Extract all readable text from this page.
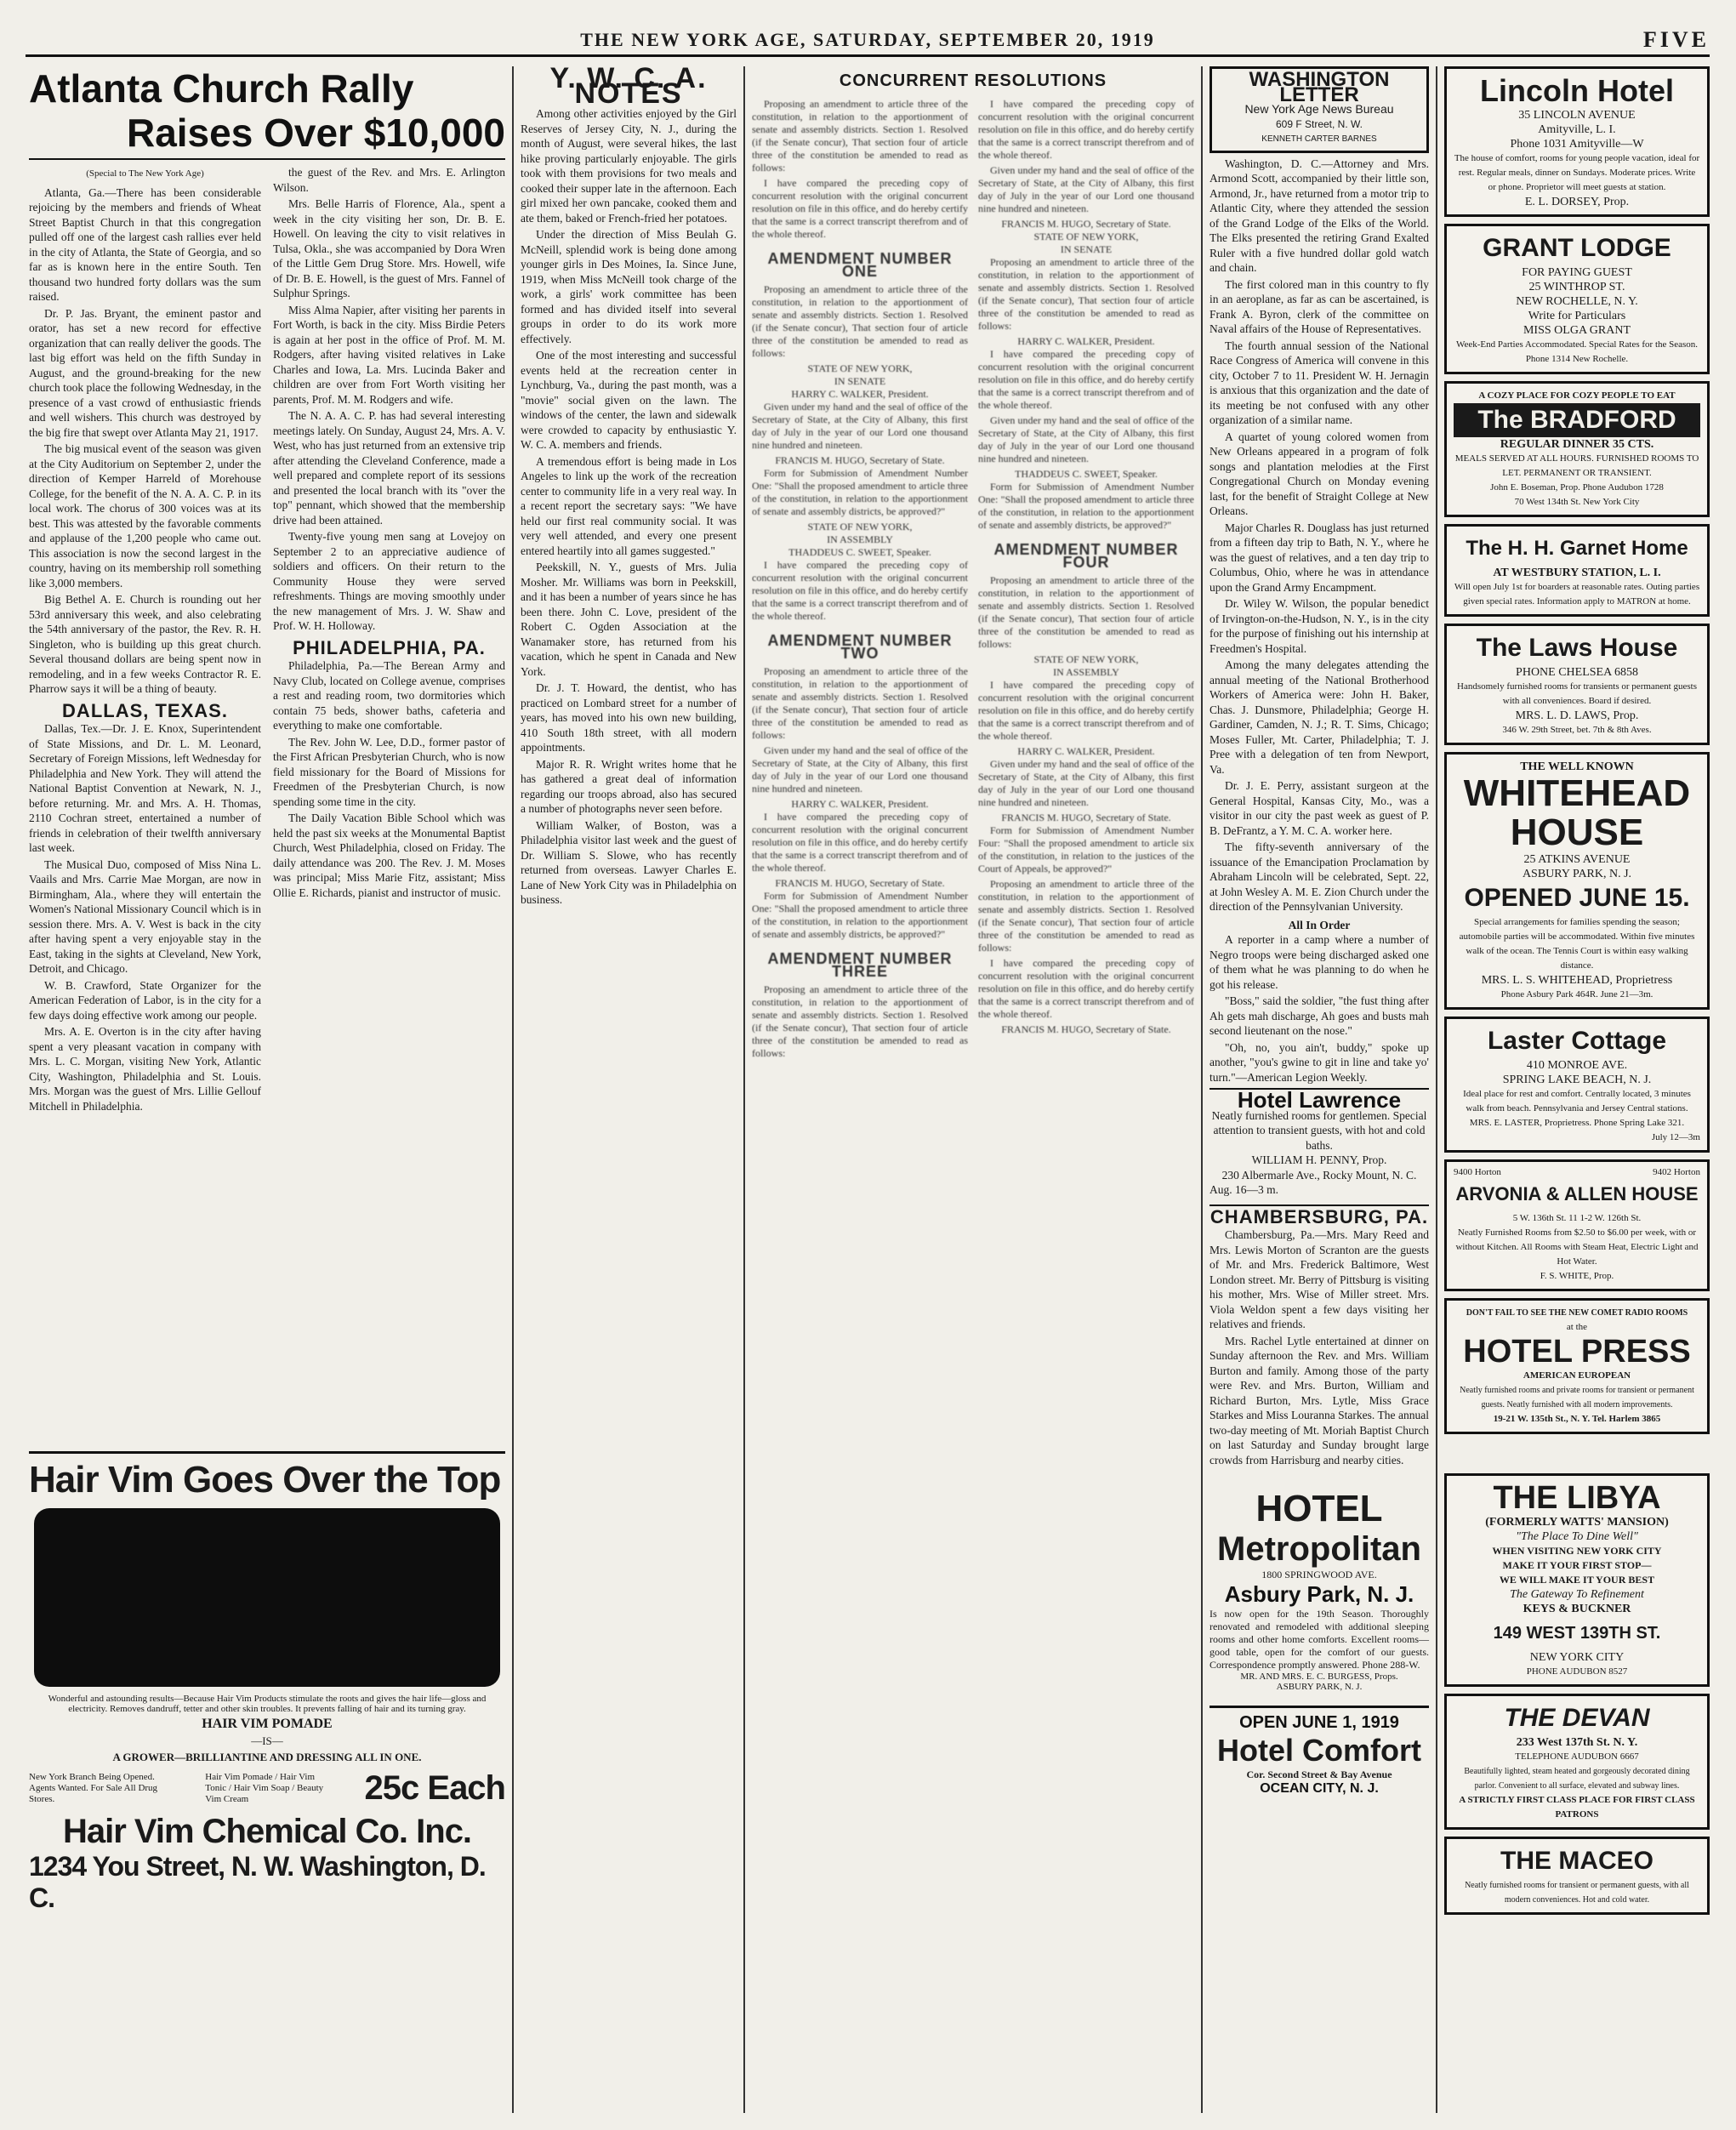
THE NEW YORK AGE, SATURDAY, SEPTEMBER 20, 1919	FIVE
Atlanta Church Rally
Raises Over $10,000
(Special to The New York Age)

Atlanta, Ga.—There has been considerable rejoicing by the members and friends of Wheat Street Baptist Church in that this congregation pulled off one of the largest cash rallies ever held in the city of Atlanta, the State of Georgia, and so far as is known here in the entire South. Ten thousand two hundred forty dollars was the sum raised.

Dr. P. Jas. Bryant, the eminent pastor and orator, has set a new record for effective organization that can really deliver the goods. The last big effort was held on the fifth Sunday in August, and the ground-breaking for the new church took place the following Wednesday, in the presence of a vast crowd of enthusiastic friends and well wishers. This church was destroyed by the big fire that swept over Atlanta May 21, 1917.

The big musical event of the season was given at the City Auditorium on September 2, under the direction of Kemper Harreld of Morehouse College, for the benefit of the N. A. A. C. P. in its local work. The chorus of 300 voices was at its best. This was attested by the favorable comments and applause of the 1,200 people who came out. This association is now the second largest in the country, having on its membership roll something like 3,000 members.

Big Bethel A. E. Church is rounding out her 53rd anniversary this week, and also celebrating the 54th anniversary of the pastor, the Rev. R. H. Singleton, who is building up this great church. Several thousand dollars are being spent now in remodeling, and in a few weeks Contractor R. E. Pharrow says it will be a thing of beauty.

DALLAS, TEXAS.

Dallas, Tex.—Dr. J. E. Knox, Superintendent of State Missions, and Dr. L. M. Leonard, Secretary of Foreign Missions, left Wednesday for Philadelphia and New York. They will attend the National Baptist Convention at Newark, N. J., before returning. Mr. and Mrs. A. H. Thomas, 2110 Cochran street, entertained a number of friends in celebration of their twelfth anniversary last week.

The Musical Duo, composed of Miss Nina L. Vaails and Mrs. Carrie Mae Morgan, are now in Birmingham, Ala., where they will entertain the Women's National Missionary Council which is in session there. Mrs. A. V. West is back in the city after having spent a very enjoyable stay in the East, taking in the sights at Cleveland, New York, Detroit, and Chicago.

W. B. Crawford, State Organizer for the American Federation of Labor, is in the city for a few days doing effective work among our people.

Mrs. A. E. Overton is in the city after having spent a very pleasant vacation in company with Mrs. L. C. Morgan, visiting New York, Atlantic City, Washington, Philadelphia and St. Louis. Mrs. Morgan was the guest of Mrs. Lillie Gellouf Mitchell in Philadelphia.

the guest of the Rev. and Mrs. E. Arlington Wilson.

Mrs. Belle Harris of Florence, Ala., spent a week in the city visiting her son, Dr. B. E. Howell. On leaving the city to visit relatives in Tulsa, Okla., she was accompanied by Dora Wren of the Little Gem Drug Store. Mrs. Howell, wife of Dr. B. E. Howell, is the guest of Mrs. Fannel of Sulphur Springs.

Miss Alma Napier, after visiting her parents in Fort Worth, is back in the city. Miss Birdie Peters is again at her post in the office of Prof. M. M. Rodgers, after having visited relatives in Lake Charles and Iowa, La. Mrs. Lucinda Baker and children are over from Fort Worth visiting her parents, Prof. M. M. Rodgers and wife.

The N. A. A. C. P. has had several interesting meetings lately. On Sunday, August 24, Mrs. A. V. West, who has just returned from an extensive trip after attending the Cleveland Conference, made a well prepared and complete report of its sessions and presented the local branch with its "over the top" pennant, which showed that the membership drive had been attained.

Twenty-five young men sang at Lovejoy on September 2 to an appreciative audience of soldiers and officers. On their return to the Community House they were served refreshments. Things are moving smoothly under the new management of Mrs. J. W. Shaw and Prof. W. H. Holloway.

PHILADELPHIA, PA.

Philadelphia, Pa.—The Berean Army and Navy Club, located on College avenue, comprises a rest and reading room, two dormitories which contain 75 beds, shower baths, cafeteria and everything to make one comfortable.

The Rev. John W. Lee, D.D., former pastor of the First African Presbyterian Church, who is now field missionary for the Board of Missions for Freedmen of the Presbyterian Church, is now spending some time in the city.

The Daily Vacation Bible School which was held the past six weeks at the Monumental Baptist Church, West Philadelphia, closed on Friday. The daily attendance was 200. The Rev. J. M. Moses was principal; Miss Marie Fitz, assistant; Miss Ollie E. Richards, pianist and instructor of music.

Hair Vim Goes Over the Top
Wonderful and astounding results—Because Hair Vim Products stimulate the roots and gives the hair life—gloss and electricity. Removes dandruff, tetter and other skin troubles. It prevents falling of hair and its turning gray.
HAIR VIM POMADE
—IS—
A GROWER—BRILLIANTINE AND DRESSING ALL IN ONE.
New York Branch Being Opened. Agents Wanted. For Sale All Drug Stores.
Hair Vim Pomade / Hair Vim Tonic / Hair Vim Soap / Beauty Vim Cream	25c Each
Hair Vim Chemical Co. Inc.
1234 You Street, N. W. Washington, D. C.
Y. W. C. A. NOTES

Among other activities enjoyed by the Girl Reserves of Jersey City, N. J., during the month of August, were several hikes, the last hike proving particularly enjoyable. The girls took with them provisions for two meals and cooked their supper late in the afternoon. Each girl mixed her own pancake, cooked them and ate them, baked or French-fried her potatoes.

Under the direction of Miss Beulah G. McNeill, splendid work is being done among younger girls in Des Moines, Ia. Since June, 1919, when Miss McNeill took charge of the work, a girls' work committee has been formed and has divided itself into several groups in order to do its work more effectively.

One of the most interesting and successful events held at the recreation center in Lynchburg, Va., during the past month, was a "movie" social given on the lawn. The windows of the center, the lawn and sidewalk were crowded to capacity by enthusiastic Y. W. C. A. members and friends.

A tremendous effort is being made in Los Angeles to link up the work of the recreation center to community life in a very real way. In a recent report the secretary says: "We have held our first real community social. It was very well attended, and every one present entered heartily into all games suggested."

Peekskill, N. Y., guests of Mrs. Julia Mosher. Mr. Williams was born in Peekskill, and it has been a number of years since he has been there. John C. Love, president of the Robert C. Ogden Association at the Wanamaker store, has returned from his vacation, which he spent in Canada and New York.

Dr. J. T. Howard, the dentist, who has practiced on Lombard street for a number of years, has moved into his own new building, 410 South 18th street, with all modern appointments.

Major R. R. Wright writes home that he has gathered a great deal of information regarding our troops abroad, also has secured a number of photographs never seen before.

William Walker, of Boston, was a Philadelphia visitor last week and the guest of Dr. William S. Slowe, who has recently returned from overseas. Lawyer Charles E. Lane of New York City was in Philadelphia on business.

CONCURRENT RESOLUTIONS

Proposing an amendment to article three of the constitution, in relation to the apportionment of senate and assembly districts. Section 1. Resolved (if the Senate concur), That section four of article three of the constitution be amended to read as follows:

I have compared the preceding copy of concurrent resolution with the original concurrent resolution on file in this office, and do hereby certify that the same is a correct transcript therefrom and of the whole thereof.

AMENDMENT NUMBER ONE

Proposing an amendment to article three of the constitution, in relation to the apportionment of senate and assembly districts. Section 1. Resolved (if the Senate concur), That section four of article three of the constitution be amended to read as follows:

STATE OF NEW YORK,
IN SENATE
HARRY C. WALKER, President.

Given under my hand and the seal of office of the Secretary of State, at the City of Albany, this first day of July in the year of our Lord one thousand nine hundred and nineteen.

FRANCIS M. HUGO, Secretary of State.

Form for Submission of Amendment Number One: "Shall the proposed amendment to article three of the constitution, in relation to the apportionment of senate and assembly districts, be approved?"

STATE OF NEW YORK,
IN ASSEMBLY
THADDEUS C. SWEET, Speaker.

I have compared the preceding copy of concurrent resolution with the original concurrent resolution on file in this office, and do hereby certify that the same is a correct transcript therefrom and of the whole thereof.

AMENDMENT NUMBER TWO

Proposing an amendment to article three of the constitution, in relation to the apportionment of senate and assembly districts. Section 1. Resolved (if the Senate concur), That section four of article three of the constitution be amended to read as follows:

Given under my hand and the seal of office of the Secretary of State, at the City of Albany, this first day of July in the year of our Lord one thousand nine hundred and nineteen.

HARRY C. WALKER, President.

I have compared the preceding copy of concurrent resolution with the original concurrent resolution on file in this office, and do hereby certify that the same is a correct transcript therefrom and of the whole thereof.

FRANCIS M. HUGO, Secretary of State.

Form for Submission of Amendment Number One: "Shall the proposed amendment to article three of the constitution, in relation to the apportionment of senate and assembly districts, be approved?"

AMENDMENT NUMBER THREE

Proposing an amendment to article three of the constitution, in relation to the apportionment of senate and assembly districts. Section 1. Resolved (if the Senate concur), That section four of article three of the constitution be amended to read as follows:

I have compared the preceding copy of concurrent resolution with the original concurrent resolution on file in this office, and do hereby certify that the same is a correct transcript therefrom and of the whole thereof.

Given under my hand and the seal of office of the Secretary of State, at the City of Albany, this first day of July in the year of our Lord one thousand nine hundred and nineteen.

FRANCIS M. HUGO, Secretary of State.
STATE OF NEW YORK,
IN SENATE

Proposing an amendment to article three of the constitution, in relation to the apportionment of senate and assembly districts. Section 1. Resolved (if the Senate concur), That section four of article three of the constitution be amended to read as follows:

HARRY C. WALKER, President.

I have compared the preceding copy of concurrent resolution with the original concurrent resolution on file in this office, and do hereby certify that the same is a correct transcript therefrom and of the whole thereof.

Given under my hand and the seal of office of the Secretary of State, at the City of Albany, this first day of July in the year of our Lord one thousand nine hundred and nineteen.

THADDEUS C. SWEET, Speaker.

Form for Submission of Amendment Number One: "Shall the proposed amendment to article three of the constitution, in relation to the apportionment of senate and assembly districts, be approved?"

AMENDMENT NUMBER FOUR

Proposing an amendment to article three of the constitution, in relation to the apportionment of senate and assembly districts. Section 1. Resolved (if the Senate concur), That section four of article three of the constitution be amended to read as follows:

STATE OF NEW YORK,
IN ASSEMBLY

I have compared the preceding copy of concurrent resolution with the original concurrent resolution on file in this office, and do hereby certify that the same is a correct transcript therefrom and of the whole thereof.

HARRY C. WALKER, President.

Given under my hand and the seal of office of the Secretary of State, at the City of Albany, this first day of July in the year of our Lord one thousand nine hundred and nineteen.

FRANCIS M. HUGO, Secretary of State.

Form for Submission of Amendment Number Four: "Shall the proposed amendment to article six of the constitution, in relation to the justices of the Court of Appeals, be approved?"

Proposing an amendment to article three of the constitution, in relation to the apportionment of senate and assembly districts. Section 1. Resolved (if the Senate concur), That section four of article three of the constitution be amended to read as follows:

I have compared the preceding copy of concurrent resolution with the original concurrent resolution on file in this office, and do hereby certify that the same is a correct transcript therefrom and of the whole thereof.

FRANCIS M. HUGO, Secretary of State.
WASHINGTON LETTER
New York Age News Bureau
609 F Street, N. W.
KENNETH CARTER BARNES

Washington, D. C.—Attorney and Mrs. Armond Scott, accompanied by their little son, Armond, Jr., have returned from a motor trip to Atlantic City, where they attended the session of the Grand Lodge of the Elks of the World. The Elks presented the retiring Grand Exalted Ruler with a five hundred dollar gold watch and chain.

The first colored man in this country to fly in an aeroplane, as far as can be ascertained, is Frank A. Byron, clerk of the committee on Naval affairs of the House of Representatives.

The fourth annual session of the National Race Congress of America will convene in this city, October 7 to 11. President W. H. Jernagin is anxious that this organization and the date of its meeting be not confused with any other organization of a similar name.

A quartet of young colored women from New Orleans appeared in a program of folk songs and plantation melodies at the First Congregational Church on Monday evening last, for the benefit of Straight College at New Orleans.

Major Charles R. Douglass has just returned from a fifteen day trip to Bath, N. Y., where he was the guest of relatives, and a ten day trip to Columbus, Ohio, where he was in attendance upon the Grand Army Encampment.

Dr. Wiley W. Wilson, the popular benedict of Irvington-on-the-Hudson, N. Y., is in the city for the purpose of finishing out his internship at Freedmen's Hospital.

Among the many delegates attending the annual meeting of the National Brotherhood Workers of America were: John H. Baker, Chas. J. Dunsmore, Philadelphia; George H. Gardiner, Camden, N. J.; R. T. Sims, Chicago; Moses Fuller, Mt. Carter, Philadelphia; T. J. Pree with a delegation of ten from Newport, Va.

Dr. J. E. Perry, assistant surgeon at the General Hospital, Kansas City, Mo., was a visitor in our city the past week as guest of P. B. DeFrantz, a Y. M. C. A. worker here.

The fifty-seventh anniversary of the issuance of the Emancipation Proclamation by Abraham Lincoln will be celebrated, Sept. 22, at John Wesley A. M. E. Zion Church under the direction of the Pennsylvanian University.

All In Order

A reporter in a camp where a number of Negro troops were being discharged asked one of them what he was planning to do when he got his release.

"Boss," said the soldier, "the fust thing after Ah gets mah discharge, Ah goes and busts mah second lieutenant on the nose."

"Oh, no, you ain't, buddy," spoke up another, "you's gwine to git in line and take yo' turn."—American Legion Weekly.

Hotel Lawrence
Neatly furnished rooms for gentlemen. Special attention to transient guests, with hot and cold baths.
WILLIAM H. PENNY, Prop.
230 Albermarle Ave., Rocky Mount, N. C.
Aug. 16—3 m.
CHAMBERSBURG, PA.

Chambersburg, Pa.—Mrs. Mary Reed and Mrs. Lewis Morton of Scranton are the guests of Mr. and Mrs. Frederick Baltimore, West London street. Mr. Berry of Pittsburg is visiting his mother, Mrs. Wise of Miller street. Mrs. Viola Weldon spent a few days visiting her relatives and friends.

Mrs. Rachel Lytle entertained at dinner on Sunday afternoon the Rev. and Mrs. William Burton and family. Among those of the party were Rev. and Mrs. Burton, William and Richard Burton, Mrs. Lytle, Miss Grace Starkes and Miss Louranna Starkes. The annual two-day meeting of Mt. Moriah Baptist Church on last Saturday and Sunday brought large crowds from Harrisburg and nearby cities.

Lincoln Hotel
35 LINCOLN AVENUE
Amityville, L. I.
Phone 1031 Amityville—W
The house of comfort, rooms for young people vacation, ideal for rest. Regular meals, dinner on Sundays. Moderate prices. Write or phone. Proprietor will meet guests at station.
E. L. DORSEY, Prop.
GRANT LODGE
FOR PAYING GUEST
25 WINTHROP ST.
NEW ROCHELLE, N. Y.
Write for Particulars
MISS OLGA GRANT
Week-End Parties Accommodated. Special Rates for the Season. Phone 1314 New Rochelle.
A COZY PLACE FOR COZY PEOPLE TO EAT
The BRADFORD
REGULAR DINNER 35 CTS.
MEALS SERVED AT ALL HOURS. FURNISHED ROOMS TO LET. PERMANENT OR TRANSIENT.
John E. Boseman, Prop. Phone Audubon 1728
70 West 134th St. New York City
The H. H. Garnet Home
AT WESTBURY STATION, L. I.
Will open July 1st for boarders at reasonable rates. Outing parties given special rates. Information apply to MATRON at home.
The Laws House
PHONE CHELSEA 6858
Handsomely furnished rooms for transients or permanent guests with all conveniences. Board if desired.
MRS. L. D. LAWS, Prop.
346 W. 29th Street, bet. 7th & 8th Aves.
THE WELL KNOWN
WHITEHEAD
HOUSE
25 ATKINS AVENUE
ASBURY PARK, N. J.
OPENED JUNE 15.
Special arrangements for families spending the season; automobile parties will be accommodated. Within five minutes walk of the ocean. The Tennis Court is within easy walking distance.
MRS. L. S. WHITEHEAD, Proprietress
Phone Asbury Park 464R. June 21—3m.
Laster Cottage
410 MONROE AVE.
SPRING LAKE BEACH, N. J.
Ideal place for rest and comfort. Centrally located, 3 minutes walk from beach. Pennsylvania and Jersey Central stations.
MRS. E. LASTER, Proprietress. Phone Spring Lake 321.
July 12—3m
9400 Horton	9402 Horton
ARVONIA & ALLEN HOUSE
5 W. 136th St. 11 1-2 W. 126th St.
Neatly Furnished Rooms from $2.50 to $6.00 per week, with or without Kitchen. All Rooms with Steam Heat, Electric Light and Hot Water.
F. S. WHITE, Prop.
DON'T FAIL TO SEE THE NEW COMET RADIO ROOMS
at the
HOTEL PRESS
AMERICAN EUROPEAN
Neatly furnished rooms and private rooms for transient or permanent guests. Neatly furnished with all modern improvements.
19-21 W. 135th St., N. Y. Tel. Harlem 3865
HOTEL
Metropolitan
1800 SPRINGWOOD AVE.
Asbury Park, N. J.
Is now open for the 19th Season. Thoroughly renovated and remodeled with additional sleeping rooms and other home comforts. Excellent rooms—good table, open for the comfort of our guests. Correspondence promptly answered. Phone 288-W.
MR. AND MRS. E. C. BURGESS, Props.
ASBURY PARK, N. J.
OPEN JUNE 1, 1919
Hotel Comfort
Cor. Second Street & Bay Avenue
OCEAN CITY, N. J.
THE LIBYA
(FORMERLY WATTS' MANSION)
"The Place To Dine Well"
WHEN VISITING NEW YORK CITY
MAKE IT YOUR FIRST STOP—
WE WILL MAKE IT YOUR BEST
The Gateway To Refinement
KEYS & BUCKNER
149 WEST 139TH ST.
NEW YORK CITY
PHONE AUDUBON 8527
THE DEVAN
233 West 137th St. N. Y.
TELEPHONE AUDUBON 6667
Beautifully lighted, steam heated and gorgeously decorated dining parlor. Convenient to all surface, elevated and subway lines.
A STRICTLY FIRST CLASS PLACE FOR FIRST CLASS PATRONS
THE MACEO
Neatly furnished rooms for transient or permanent guests, with all modern conveniences. Hot and cold water.
